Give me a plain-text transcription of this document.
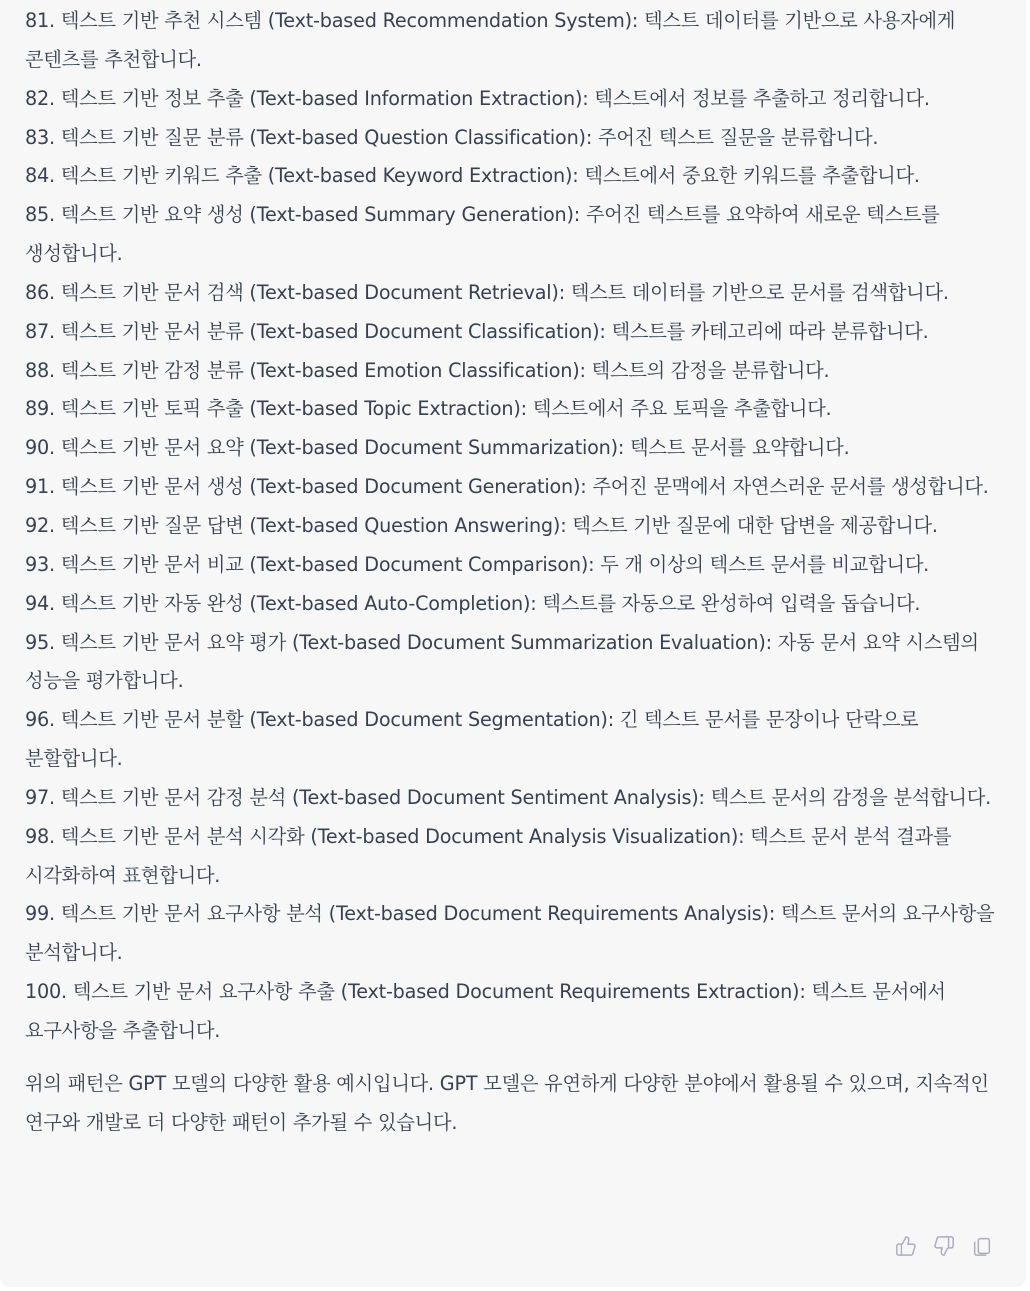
81. 텍스트 기반 추천 시스템 (Text-based Recommendation System): 텍스트 데이터를 기반으로 사용자에게 콘텐츠를 추천합니다.
82. 텍스트 기반 정보 추출 (Text-based Information Extraction): 텍스트에서 정보를 추출하고 정리합니다.
83. 텍스트 기반 질문 분류 (Text-based Question Classification): 주어진 텍스트 질문을 분류합니다.
84. 텍스트 기반 키워드 추출 (Text-based Keyword Extraction): 텍스트에서 중요한 키워드를 추출합니다.
85. 텍스트 기반 요약 생성 (Text-based Summary Generation): 주어진 텍스트를 요약하여 새로운 텍스트를 생성합니다.
86. 텍스트 기반 문서 검색 (Text-based Document Retrieval): 텍스트 데이터를 기반으로 문서를 검색합니다.
87. 텍스트 기반 문서 분류 (Text-based Document Classification): 텍스트를 카테고리에 따라 분류합니다.
88. 텍스트 기반 감정 분류 (Text-based Emotion Classification): 텍스트의 감정을 분류합니다.
89. 텍스트 기반 토픽 추출 (Text-based Topic Extraction): 텍스트에서 주요 토픽을 추출합니다.
90. 텍스트 기반 문서 요약 (Text-based Document Summarization): 텍스트 문서를 요약합니다.
91. 텍스트 기반 문서 생성 (Text-based Document Generation): 주어진 문맥에서 자연스러운 문서를 생성합니다.
92. 텍스트 기반 질문 답변 (Text-based Question Answering): 텍스트 기반 질문에 대한 답변을 제공합니다.
93. 텍스트 기반 문서 비교 (Text-based Document Comparison): 두 개 이상의 텍스트 문서를 비교합니다.
94. 텍스트 기반 자동 완성 (Text-based Auto-Completion): 텍스트를 자동으로 완성하여 입력을 돕습니다.
95. 텍스트 기반 문서 요약 평가 (Text-based Document Summarization Evaluation): 자동 문서 요약 시스템의 성능을 평가합니다.
96. 텍스트 기반 문서 분할 (Text-based Document Segmentation): 긴 텍스트 문서를 문장이나 단락으로 분할합니다.
97. 텍스트 기반 문서 감정 분석 (Text-based Document Sentiment Analysis): 텍스트 문서의 감정을 분석합니다.
98. 텍스트 기반 문서 분석 시각화 (Text-based Document Analysis Visualization): 텍스트 문서 분석 결과를 시각화하여 표현합니다.
99. 텍스트 기반 문서 요구사항 분석 (Text-based Document Requirements Analysis): 텍스트 문서의 요구사항을 분석합니다.
100. 텍스트 기반 문서 요구사항 추출 (Text-based Document Requirements Extraction): 텍스트 문서에서 요구사항을 추출합니다.

위의 패턴은 GPT 모델의 다양한 활용 예시입니다. GPT 모델은 유연하게 다양한 분야에서 활용될 수 있으며, 지속적인 연구와 개발로 더 다양한 패턴이 추가될 수 있습니다.
